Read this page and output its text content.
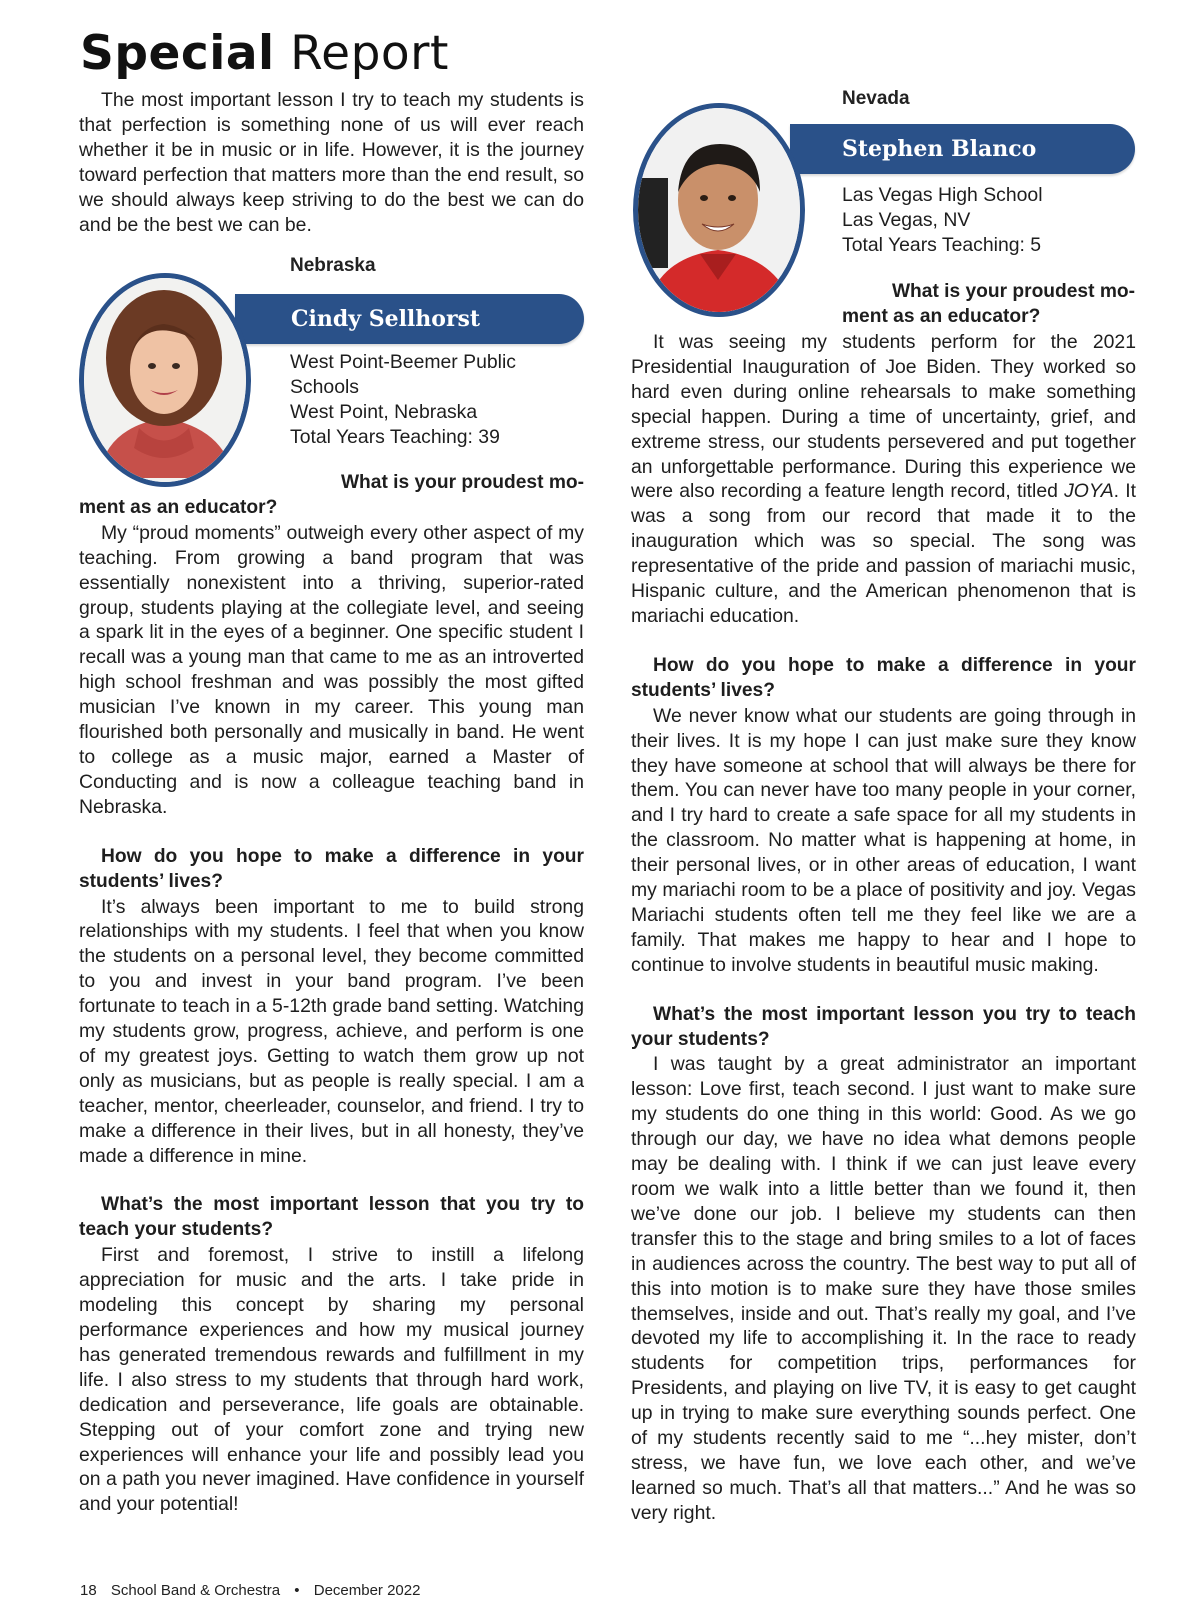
Special Report

The most important lesson I try to teach my students is that perfection is something none of us will ever reach whether it be in music or in life. However, it is the journey toward perfection that matters more than the end result, so we should always keep striving to do the best we can do and be the best we can be.

Nebraska
Cindy Sellhorst
West Point-Beemer Public
Schools
West Point, Nebraska
Total Years Teaching: 39
What is your proudest mo-
ment as an educator?

My “proud moments” outweigh every other aspect of my teaching. From growing a band program that was essentially nonexistent into a thriving, superior-rated group, students playing at the collegiate level, and seeing a spark lit in the eyes of a beginner. One specific student I recall was a young man that came to me as an introverted high school freshman and was possibly the most gifted musician I’ve known in my career. This young man flourished both personally and musically in band. He went to college as a music major, earned a Master of Conducting and is now a colleague teaching band in Nebraska.

How do you hope to make a difference in your students’ lives?

It’s always been important to me to build strong relationships with my students. I feel that when you know the students on a personal level, they become committed to you and invest in your band program. I’ve been fortunate to teach in a 5-12th grade band setting. Watching my students grow, progress, achieve, and perform is one of my greatest joys. Getting to watch them grow up not only as musicians, but as people is really special. I am a teacher, mentor, cheerleader, counselor, and friend. I try to make a difference in their lives, but in all honesty, they’ve made a difference in mine.

What’s the most important lesson that you try to teach your students?

First and foremost, I strive to instill a lifelong appreciation for music and the arts. I take pride in modeling this concept by sharing my personal performance experiences and how my musical journey has generated tremendous rewards and fulfillment in my life. I also stress to my students that through hard work, dedication and perseverance, life goals are obtainable. Stepping out of your comfort zone and trying new experiences will enhance your life and possibly lead you on a path you never imagined. Have confidence in yourself and your potential!

Nevada
Stephen Blanco
Las Vegas High School
Las Vegas, NV
Total Years Teaching: 5
What is your proudest mo-
ment as an educator?

It was seeing my students perform for the 2021 Presidential Inauguration of Joe Biden. They worked so hard even during online rehearsals to make something special happen. During a time of uncertainty, grief, and extreme stress, our students persevered and put together an unforgettable performance. During this experience we were also recording a feature length record, titled JOYA. It was a song from our record that made it to the inauguration which was so special. The song was representative of the pride and passion of mariachi music, Hispanic culture, and the American phenomenon that is mariachi education.

How do you hope to make a difference in your students’ lives?

We never know what our students are going through in their lives. It is my hope I can just make sure they know they have someone at school that will always be there for them. You can never have too many people in your corner, and I try hard to create a safe space for all my students in the classroom. No matter what is happening at home, in their personal lives, or in other areas of education, I want my mariachi room to be a place of positivity and joy. Vegas Mariachi students often tell me they feel like we are a family. That makes me happy to hear and I hope to continue to involve students in beautiful music making.

What’s the most important lesson you try to teach your students?

I was taught by a great administrator an important lesson: Love first, teach second. I just want to make sure my students do one thing in this world: Good. As we go through our day, we have no idea what demons people may be dealing with. I think if we can just leave every room we walk into a little better than we found it, then we’ve done our job. I believe my students can then transfer this to the stage and bring smiles to a lot of faces in audiences across the country. The best way to put all of this into motion is to make sure they have those smiles themselves, inside and out. That’s really my goal, and I’ve devoted my life to accomplishing it. In the race to ready students for competition trips, performances for Presidents, and playing on live TV, it is easy to get caught up in trying to make sure everything sounds perfect. One of my students recently said to me “...hey mister, don’t stress, we have fun, we love each other, and we’ve learned so much. That’s all that matters...” And he was so very right.

18 School Band & Orchestra • December 2022
